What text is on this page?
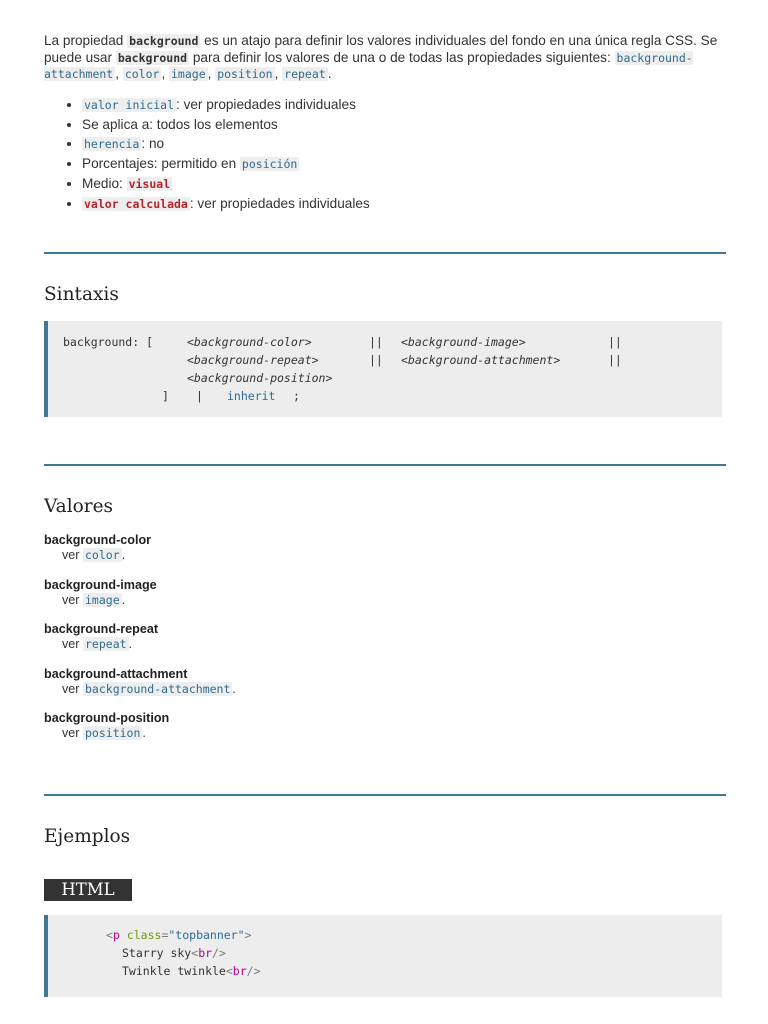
La propiedad background es un atajo para definir los valores individuales del fondo en una única regla CSS. Se puede usar background para definir los valores de una o de todas las propiedades siguientes: background-attachment , color , image , position , repeat .

• valor inicial : ver propiedades individuales
• Se aplica a: todos los elementos
• herencia : no
• Porcentajes: permitido en posición
• Medio: visual
• valor calculada : ver propiedades individuales
Sintaxis
background: [	<background-color>	|| <background-image>	||
<background-repeat>	|| <background-attachment>	||
<background-position>
] | inherit ;
Valores
background-color
ver color .
background-image
ver image .
background-repeat
ver repeat .
background-attachment
ver background-attachment .
background-position
ver position .
Ejemplos
HTML
<p class="topbanner">
Starry sky<br/>
Twinkle twinkle<br/>
